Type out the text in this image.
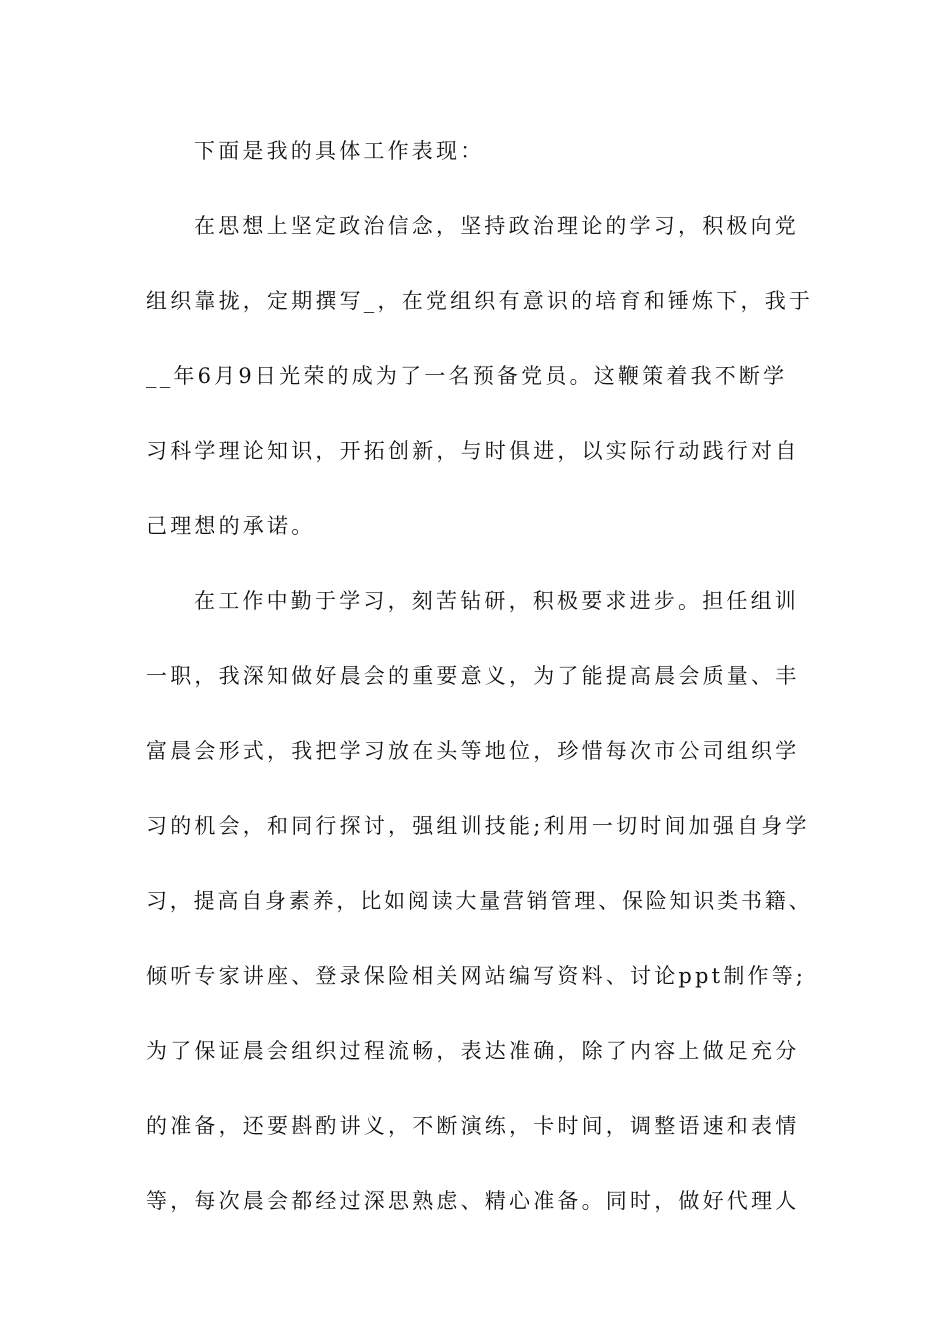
下面是我的具体工作表现：
在思想上坚定政治信念，坚持政治理论的学习，积极向党
组织靠拢，定期撰写_，在党组织有意识的培育和锤炼下，我于
__年6月9日光荣的成为了一名预备党员。这鞭策着我不断学
习科学理论知识，开拓创新，与时俱进，以实际行动践行对自
己理想的承诺。
在工作中勤于学习，刻苦钻研，积极要求进步。担任组训
一职，我深知做好晨会的重要意义，为了能提高晨会质量、丰
富晨会形式，我把学习放在头等地位，珍惜每次市公司组织学
习的机会，和同行探讨，强组训技能;利用一切时间加强自身学
习，提高自身素养，比如阅读大量营销管理、保险知识类书籍、
倾听专家讲座、登录保险相关网站编写资料、讨论ppt制作等;
为了保证晨会组织过程流畅，表达准确，除了内容上做足充分
的准备，还要斟酌讲义，不断演练，卡时间，调整语速和表情
等，每次晨会都经过深思熟虑、精心准备。同时，做好代理人
